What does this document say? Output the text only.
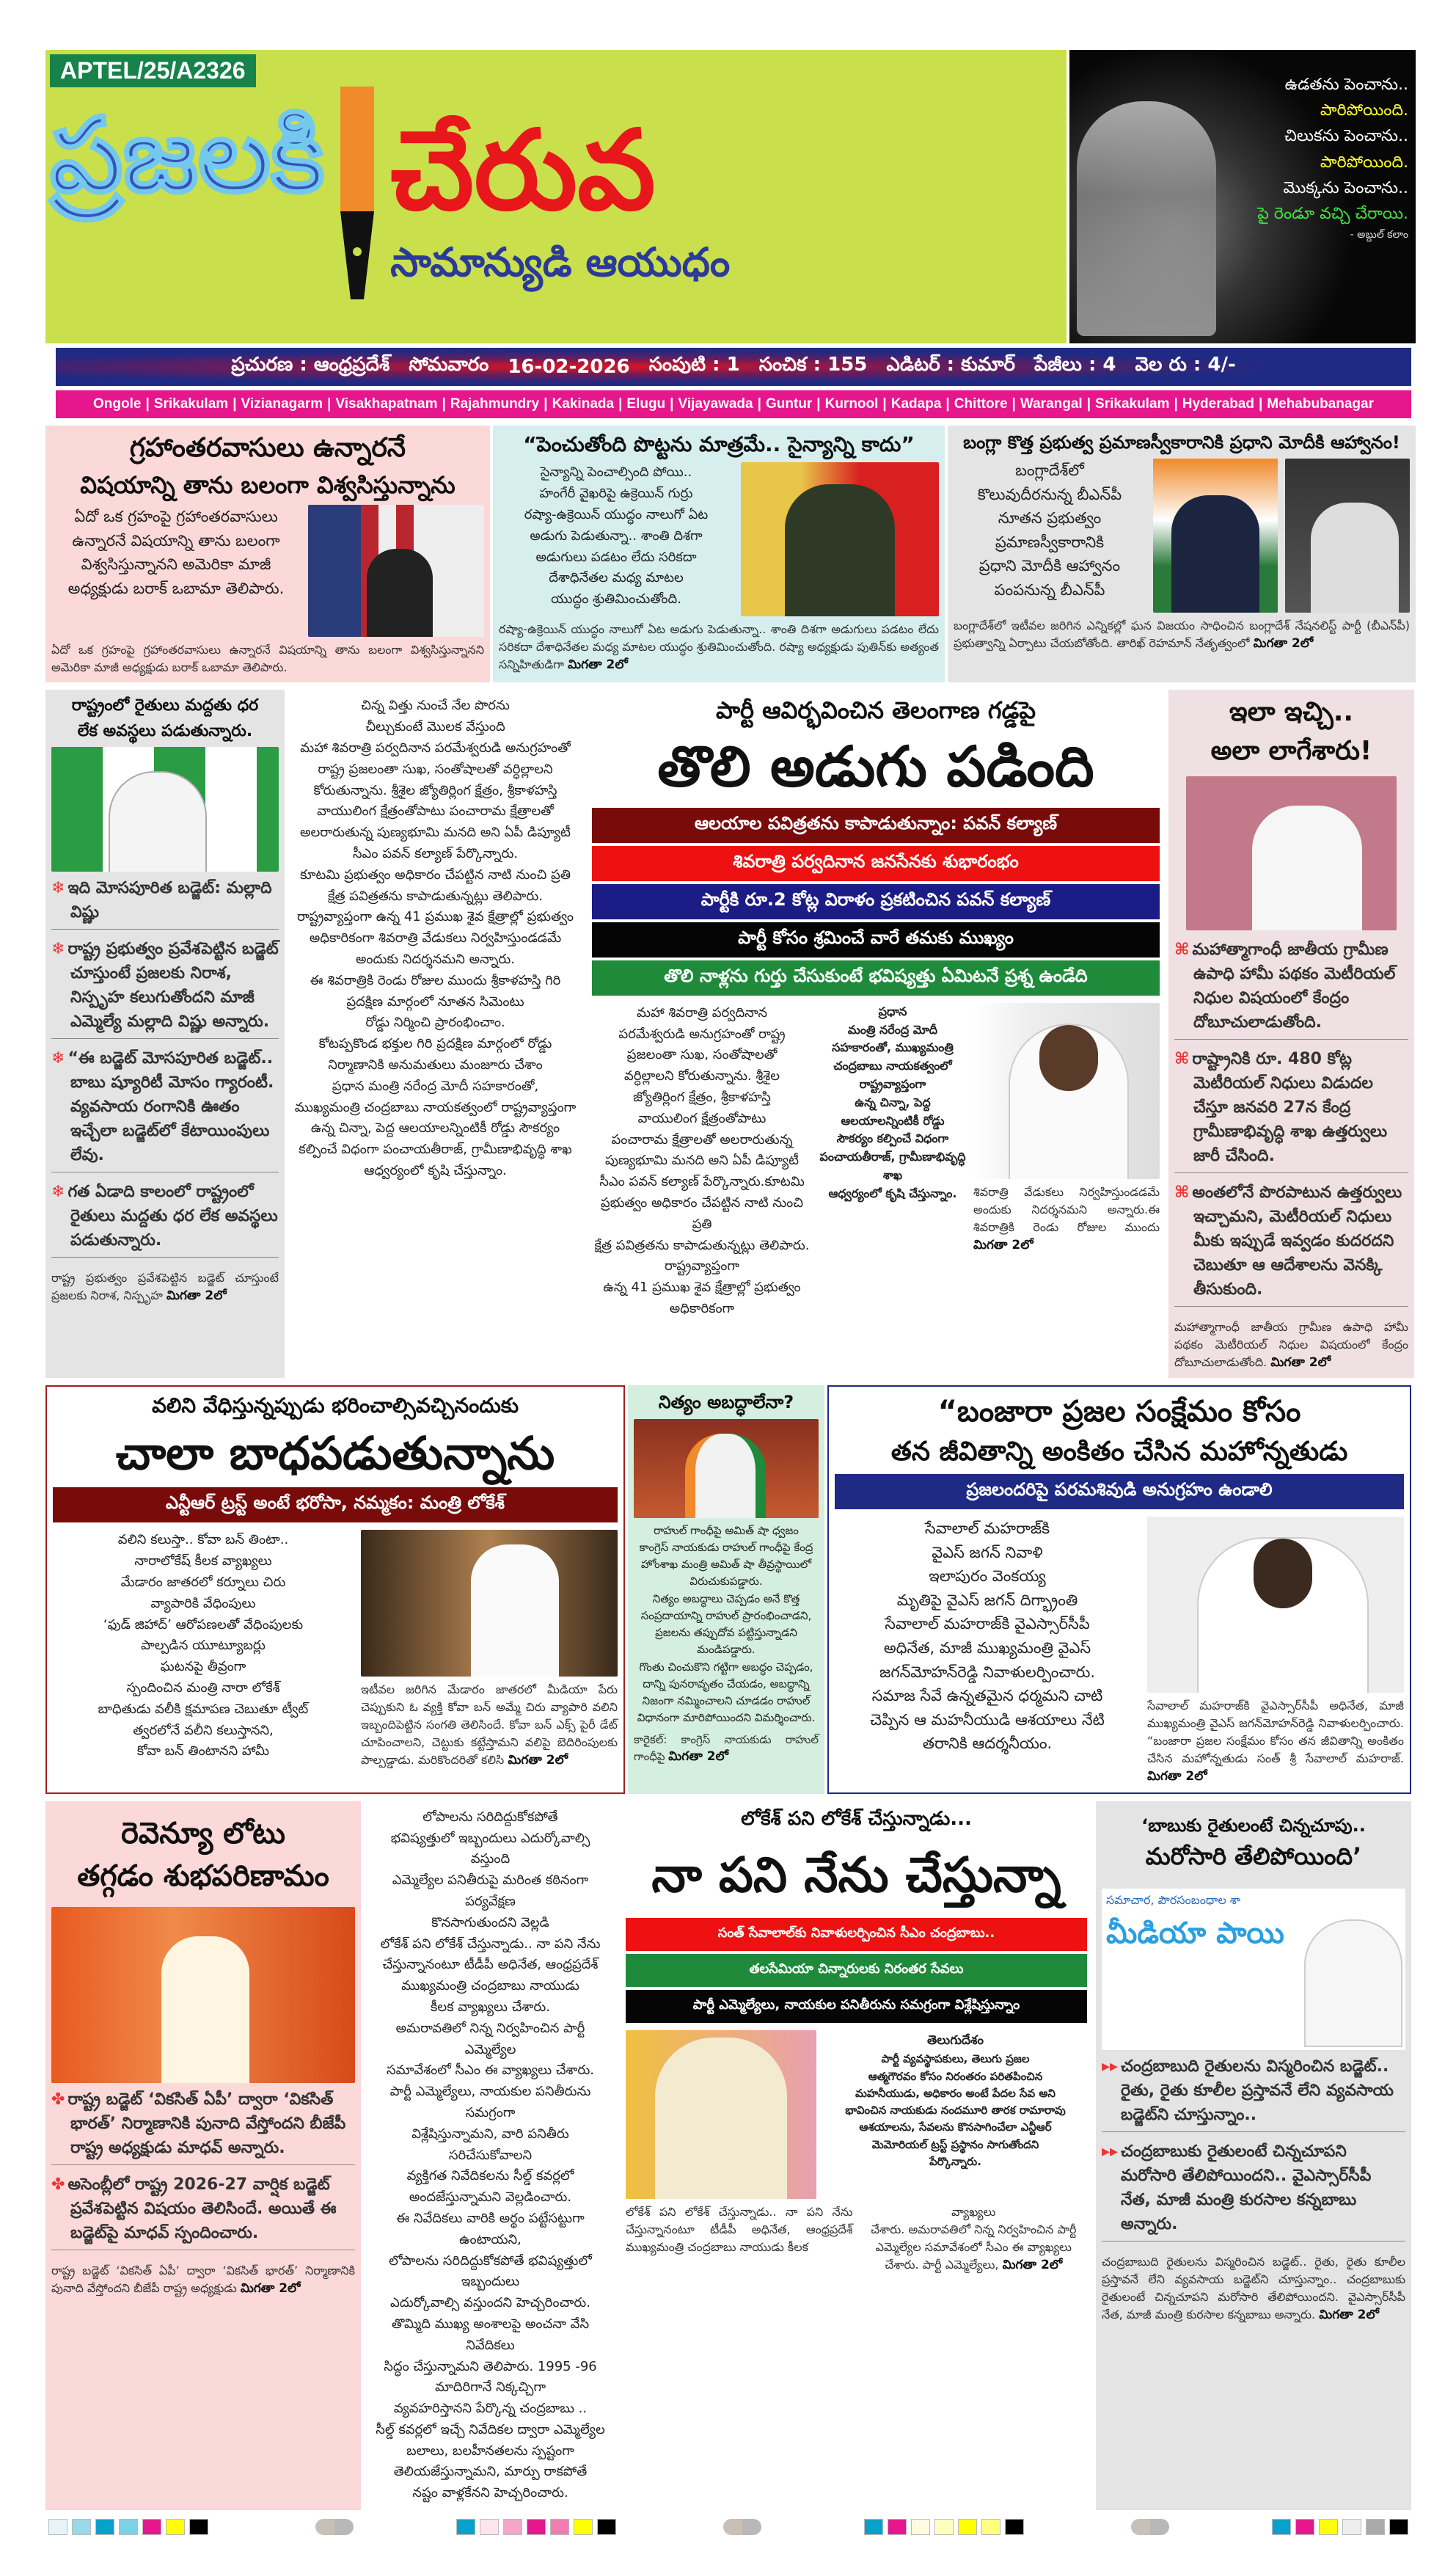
APTEL/25/A2326
ప్రజలకి చేరువ
సామాన్యుడి ఆయుధం
ఉడతను పెంచాను..
పారిపోయింది.
చిలుకను పెంచాను..
పారిపోయింది.
మొక్కను పెంచాను..
పై రెండూ వచ్చి చేరాయి.
- అబ్దుల్ కలాం
ప్రచురణ : ఆంధ్రప్రదేశ్ సోమవారం 16-02-2026 సంపుటి : 1 సంచిక : 155 ఎడిటర్ : కుమార్ పేజీలు : 4 వెల రు : 4/-
Ongole | Srikakulam | Vizianagarm | Visakhapatnam | Rajahmundry | Kakinada | Elugu | Vijayawada | Guntur | Kurnool | Kadapa | Chittore | Warangal | Srikakulam | Hyderabad | Mehabubanagar
గ్రహాంతరవాసులు ఉన్నారనే
విషయాన్ని తాను బలంగా విశ్వసిస్తున్నాను

ఏదో ఒక గ్రహంపై గ్రహాంతరవాసులు

ఉన్నారనే విషయాన్ని తాను బలంగా

విశ్వసిస్తున్నానని అమెరికా మాజీ

అధ్యక్షుడు బరాక్ ఒబామా తెలిపారు.

ఏదో ఒక గ్రహంపై గ్రహాంతరవాసులు ఉన్నారనే విషయాన్ని తాను బలంగా విశ్వసిస్తున్నానని అమెరికా మాజీ అధ్యక్షుడు బరాక్ ఒబామా తెలిపారు.

“పెంచుతోంది పొట్టను మాత్రమే.. సైన్యాన్ని కాదు”

సైన్యాన్ని పెంచాల్సింది పోయి..

హంగేరీ వైఖరిపై ఉక్రెయిన్ గుర్రు

రష్యా-ఉక్రెయిన్ యుద్ధం నాలుగో ఏట

అడుగు పెడుతున్నా.. శాంతి దిశగా

అడుగులు పడటం లేదు సరికదా

దేశాధినేతల మధ్య మాటల

యుద్ధం శ్రుతిమించుతోంది.

రష్యా-ఉక్రెయిన్ యుద్ధం నాలుగో ఏట అడుగు పెడుతున్నా.. శాంతి దిశగా అడుగులు పడటం లేదు సరికదా దేశాధినేతల మధ్య మాటల యుద్ధం శ్రుతిమించుతోంది. రష్యా అధ్యక్షుడు పుతిన్‌కు అత్యంత సన్నిహితుడిగా మిగతా 2లో

బంగ్లా కొత్త ప్రభుత్వ ప్రమాణస్వీకారానికి ప్రధాని మోదీకి ఆహ్వానం!

బంగ్లాదేశ్‌లో

కొలువుదీరనున్న బీఎన్‌పీ

నూతన ప్రభుత్వం

ప్రమాణస్వీకారానికి

ప్రధాని మోదీకి ఆహ్వానం

పంపనున్న బీఎన్‌పీ

బంగ్లాదేశ్‌లో ఇటీవల జరిగిన ఎన్నికల్లో ఘన విజయం సాధించిన బంగ్లాదేశ్ నేషనలిస్ట్ పార్టీ (బీఎన్‌పీ) ప్రభుత్వాన్ని ఏర్పాటు చేయబోతోంది. తారిఖ్ రెహమాన్ నేతృత్వంలో మిగతా 2లో

రాష్ట్రంలో రైతులు మద్దతు ధర
లేక అవస్థలు పడుతున్నారు.

❄ ఇది మోసపూరిత బడ్జెట్: మల్లాది విష్ణు

❄ రాష్ట్ర ప్రభుత్వం ప్రవేశపెట్టిన బడ్జెట్ చూస్తుంటే ప్రజలకు నిరాశ, నిస్పృహ కలుగుతోందని మాజీ ఎమ్మెల్యే మల్లాది విష్ణు అన్నారు.

❄ “ఈ బడ్జెట్ మోసపూరిత బడ్జెట్.. బాబు ష్యూరిటీ మోసం గ్యారంటీ. వ్యవసాయ రంగానికి ఊతం ఇచ్చేలా బడ్జెట్‌లో కేటాయింపులు లేవు.

❄ గత ఏడాది కాలంలో రాష్ట్రంలో రైతులు మద్దతు ధర లేక అవస్థలు పడుతున్నారు.

రాష్ట్ర ప్రభుత్వం ప్రవేశపెట్టిన బడ్జెట్ చూస్తుంటే ప్రజలకు నిరాశ, నిస్పృహ మిగతా 2లో

చిన్న విత్తు నుంచే నేల పొరను

చీల్చుకుంటే మొలక వేస్తుంది

మహా శివరాత్రి పర్వదినాన పరమేశ్వరుడి అనుగ్రహంతో

రాష్ట్ర ప్రజలంతా సుఖ, సంతోషాలతో వర్ధిల్లాలని

కోరుతున్నాను. శ్రీశైల జ్యోతిర్లింగ క్షేత్రం, శ్రీకాళహస్తి

వాయులింగ క్షేత్రంతోపాటు పంచారామ క్షేత్రాలతో

అలరారుతున్న పుణ్యభూమి మనది అని ఏపీ డిప్యూటీ

సీఎం పవన్ కల్యాణ్ పేర్కొన్నారు.

కూటమి ప్రభుత్వం అధికారం చేపట్టిన నాటి నుంచి ప్రతి

క్షేత్ర పవిత్రతను కాపాడుతున్నట్లు తెలిపారు.

రాష్ట్రవ్యాప్తంగా ఉన్న 41 ప్రముఖ శైవ క్షేత్రాల్లో ప్రభుత్వం

అధికారికంగా శివరాత్రి వేడుకలు నిర్వహిస్తుండడమే

అందుకు నిదర్శనమని అన్నారు.

ఈ శివరాత్రికి రెండు రోజుల ముందు శ్రీకాళహస్తి గిరి

ప్రదక్షిణ మార్గంలో నూతన సిమెంటు

రోడ్డు నిర్మించి ప్రారంభించాం.

కోటప్పకొండ భక్తుల గిరి ప్రదక్షిణ మార్గంలో రోడ్డు

నిర్మాణానికి అనుమతులు మంజూరు చేశాం

ప్రధాన మంత్రి నరేంద్ర మోదీ సహకారంతో,

ముఖ్యమంత్రి చంద్రబాబు నాయకత్వంలో రాష్ట్రవ్యాప్తంగా

ఉన్న చిన్నా, పెద్ద ఆలయాలన్నింటికీ రోడ్డు సౌకర్యం

కల్పించే విధంగా పంచాయతీరాజ్, గ్రామీణాభివృద్ధి శాఖ

ఆధ్వర్యంలో కృషి చేస్తున్నాం.

పార్టీ ఆవిర్భవించిన తెలంగాణ గడ్డపై
తొలి అడుగు పడింది
ఆలయాల పవిత్రతను కాపాడుతున్నాం: పవన్ కల్యాణ్
శివరాత్రి పర్వదినాన జనసేనకు శుభారంభం
పార్టీకి రూ.2 కోట్ల విరాళం ప్రకటించిన పవన్ కల్యాణ్
పార్టీ కోసం శ్రమించే వారే తమకు ముఖ్యం
తొలి నాళ్లను గుర్తు చేసుకుంటే భవిష్యత్తు ఏమిటనే ప్రశ్న ఉండేది

మహా శివరాత్రి పర్వదినాన

పరమేశ్వరుడి అనుగ్రహంతో రాష్ట్ర

ప్రజలంతా సుఖ, సంతోషాలతో

వర్ధిల్లాలని కోరుతున్నాను. శ్రీశైల

జ్యోతిర్లింగ క్షేత్రం, శ్రీకాళహస్తి

వాయులింగ క్షేత్రంతోపాటు

పంచారామ క్షేత్రాలతో అలరారుతున్న

పుణ్యభూమి మనది అని ఏపీ డిప్యూటీ

సీఎం పవన్ కల్యాణ్ పేర్కొన్నారు.కూటమి

ప్రభుత్వం అధికారం చేపట్టిన నాటి నుంచి ప్రతి

క్షేత్ర పవిత్రతను కాపాడుతున్నట్లు తెలిపారు. రాష్ట్రవ్యాప్తంగా

ఉన్న 41 ప్రముఖ శైవ క్షేత్రాల్లో ప్రభుత్వం అధికారికంగా

ప్రధాన

మంత్రి నరేంద్ర మోదీ

సహకారంతో, ముఖ్యమంత్రి

చంద్రబాబు నాయకత్వంలో రాష్ట్రవ్యాప్తంగా

ఉన్న చిన్నా, పెద్ద ఆలయాలన్నింటికీ రోడ్డు

సౌకర్యం కల్పించే విధంగా

పంచాయతీరాజ్, గ్రామీణాభివృద్ధి శాఖ

ఆధ్వర్యంలో కృషి చేస్తున్నాం.	శివరాత్రి వేడుకలు నిర్వహిస్తుండడమే అందుకు నిదర్శనమని అన్నారు.ఈ శివరాత్రికి రెండు రోజుల ముందు మిగతా 2లో

ఇలా ఇచ్చి..
అలా లాగేశారు!

⌘ మహాత్మాగాంధీ జాతీయ గ్రామీణ ఉపాధి హామీ పథకం మెటీరియల్ నిధుల విషయంలో కేంద్రం దోబూచులాడుతోంది.

⌘ రాష్ట్రానికి రూ. 480 కోట్ల మెటీరియల్ నిధులు విడుదల చేస్తూ జనవరి 27న కేంద్ర గ్రామీణాభివృద్ధి శాఖ ఉత్తర్వులు జారీ చేసింది.

⌘ అంతలోనే పొరపాటున ఉత్తర్వులు ఇచ్చామని, మెటీరియల్ నిధులు మీకు ఇప్పుడే ఇవ్వడం కుదరదని చెబుతూ ఆ ఆదేశాలను వెనక్కి తీసుకుంది.

మహాత్మాగాంధీ జాతీయ గ్రామీణ ఉపాధి హామీ పథకం మెటీరియల్ నిధుల విషయంలో కేంద్రం దోబూచులాడుతోంది. మిగతా 2లో

వలిని వేధిస్తున్నప్పుడు భరించాల్సివచ్చినందుకు
చాలా బాధపడుతున్నాను
ఎన్టీఆర్ ట్రస్ట్ అంటే భరోసా, నమ్మకం: మంత్రి లోకేశ్

వలిని కలుస్తా.. కోవా బన్ తింటా..

నారాలోకేష్ కీలక వ్యాఖ్యలు

మేడారం జాతరలో కర్నూలు చిరు

వ్యాపారికి వేధింపులు

‘ఫుడ్ జిహాద్’ ఆరోపణలతో వేధింపులకు

పాల్పడిన యూట్యూబర్లు

ఘటనపై తీవ్రంగా

స్పందించిన మంత్రి నారా లోకేశ్

బాధితుడు వలీకి క్షమాపణ చెబుతూ ట్వీట్

త్వరలోనే వలీని కలుస్తానని,

కోవా బన్ తింటానని హామీ

ఇటీవల జరిగిన మేడారం జాతరలో మీడియా పేరు చెప్పుకుని ఓ వ్యక్తి కోవా బన్ అమ్మే చిరు వ్యాపారి వలిని ఇబ్బందిపెట్టిన సంగతి తెలిసిందే. కోవా బన్ ఎక్స్ పైరీ డేట్ చూపించాలని, చెట్టుకు కట్టేస్తామని వలిపై బెదిరింపులకు పాల్పడ్డాడు. మరికొందరితో కలిసి మిగతా 2లో

నిత్యం అబద్ధాలేనా?

రాహుల్ గాంధీపై అమిత్ షా ధ్వజం

కాంగ్రెస్ నాయకుడు రాహుల్ గాంధీపై కేంద్ర

హోంశాఖ మంత్రి అమిత్ షా తీవ్రస్థాయిలో

విరుచుకుపడ్డారు.

నిత్యం అబద్ధాలు చెప్పడం అనే కొత్త

సంప్రదాయాన్ని రాహుల్ ప్రారంభించాడని,

ప్రజలను తప్పుదోవ పట్టిస్తున్నాడని

మండిపడ్డారు.

గొంతు చించుకొని గట్టిగా అబద్ధం చెప్పడం,

దాన్ని పునరావృతం చేయడం, అబద్ధాన్ని

నిజంగా నమ్మించాలని చూడడం రాహుల్

విధానంగా మారిపోయిందని విమర్శించారు.

కారైకల్: కాంగ్రెస్ నాయకుడు రాహుల్ గాంధీపై మిగతా 2లో

“బంజారా ప్రజల సంక్షేమం కోసం
తన జీవితాన్ని అంకితం చేసిన మహోన్నతుడు
ప్రజలందరిపై పరమశివుడి అనుగ్రహం ఉండాలి

సేవాలాల్ మహరాజ్‌కి

వైఎస్ జగన్ నివాళి

ఇలాపురం వెంకయ్య

మృతిపై వైఎస్ జగన్ దిగ్భ్రాంతి

సేవాలాల్ మహరాజ్‌కి వైఎస్సార్‌సీపీ

అధినేత, మాజీ ముఖ్యమంత్రి వైఎస్

జగన్‌మోహన్‌రెడ్డి నివాళులర్పించారు.

సమాజ సేవే ఉన్నతమైన ధర్మమని చాటి

చెప్పిన ఆ మహనీయుడి ఆశయాలు నేటి

తరానికి ఆదర్శనీయం.

సేవాలాల్ మహరాజ్‌కి వైఎస్సార్‌సీపీ అధినేత, మాజీ ముఖ్యమంత్రి వైఎస్ జగన్‌మోహన్‌రెడ్డి నివాళులర్పించారు. “బంజారా ప్రజల సంక్షేమం కోసం తన జీవితాన్ని అంకితం చేసిన మహోన్నతుడు సంత్ శ్రీ సేవాలాల్ మహరాజ్. మిగతా 2లో

రెవెన్యూ లోటు
తగ్గడం శుభపరిణామం

✤ రాష్ట్ర బడ్జెట్ ‘వికసిత్ ఏపీ’ ద్వారా ‘వికసిత్ భారత్’ నిర్మాణానికి పునాది వేస్తోందని బీజేపీ రాష్ట్ర అధ్యక్షుడు మాధవ్ అన్నారు.

✤ అసెంబ్లీలో రాష్ట్ర 2026-27 వార్షిక బడ్జెట్ ప్రవేశపెట్టిన విషయం తెలిసిందే. అయితే ఈ బడ్జెట్‌పై మాధవ్ స్పందించారు.

రాష్ట్ర బడ్జెట్ ‘వికసిత్ ఏపీ’ ద్వారా ‘వికసిత్ భారత్’ నిర్మాణానికి పునాది వేస్తోందని బీజేపీ రాష్ట్ర అధ్యక్షుడు మిగతా 2లో

లోపాలను సరిదిద్దుకోకపోతే

భవిష్యత్తులో ఇబ్బందులు ఎదుర్కోవాల్సి వస్తుంది

ఎమ్మెల్యేల పనితీరుపై మరింత కఠినంగా పర్యవేక్షణ

కొనసాగుతుందని వెల్లడి

లోకేశ్ పని లోకేశ్ చేస్తున్నాడు.. నా పని నేను

చేస్తున్నానంటూ టీడీపీ అధినేత, ఆంధ్రప్రదేశ్

ముఖ్యమంత్రి చంద్రబాబు నాయుడు

కీలక వ్యాఖ్యలు చేశారు.

అమరావతిలో నిన్న నిర్వహించిన పార్టీ ఎమ్మెల్యేల

సమావేశంలో సీఎం ఈ వ్యాఖ్యలు చేశారు.

పార్టీ ఎమ్మెల్యేలు, నాయకుల పనితీరును సమగ్రంగా

విశ్లేషిస్తున్నామని, వారి పనితీరు సరిచేసుకోవాలని

వ్యక్తిగత నివేదికలను సీల్డ్ కవర్లలో

అందజేస్తున్నామని వెల్లడించారు.

ఈ నివేదికలు వారికి అర్థం పట్టేసట్టుగా ఉంటాయని,

లోపాలను సరిదిద్దుకోకపోతే భవిష్యత్తులో ఇబ్బందులు

ఎదుర్కోవాల్సి వస్తుందని హెచ్చరించారు.

తొమ్మిది ముఖ్య అంశాలపై అంచనా వేసి నివేదికలు

సిద్ధం చేస్తున్నామని తెలిపారు. 1995 -96

మాదిరిగానే నిక్కచ్చిగా

వ్యవహరిస్తానని పేర్కొన్న చంద్రబాబు ..

సీల్డ్ కవర్లలో ఇచ్చే నివేదికల ద్వారా ఎమ్మెల్యేల

బలాలు, బలహీనతలను స్పష్టంగా

తెలియజేస్తున్నామని, మార్పు రాకపోతే

నష్టం వాళ్లకేనని హెచ్చరించారు.

లోకేశ్ పని లోకేశ్ చేస్తున్నాడు...
నా పని నేను చేస్తున్నా
సంత్ సేవాలాల్‌కు నివాళులర్పించిన సీఎం చంద్రబాబు..
తలసేమియా చిన్నారులకు నిరంతర సేవలు
పార్టీ ఎమ్మెల్యేలు, నాయకుల పనితీరును సమగ్రంగా విశ్లేషిస్తున్నాం
తెలుగుదేశం

పార్టీ వ్యవస్థాపకులు, తెలుగు ప్రజల

ఆత్మగౌరవం కోసం నిరంతరం పరితపించిన

మహనీయుడు, అధికారం అంటే పేదల సేవ అని

భావించిన నాయకుడు నందమూరి తారక రామారావు

ఆశయాలను, సేవలను కొనసాగించేలా ఎన్టీఆర్

మెమోరియల్ ట్రస్ట్ ప్రస్థానం సాగుతోందని

పేర్కొన్నారు.

లోకేశ్ పని లోకేశ్ చేస్తున్నాడు.. నా పని నేను చేస్తున్నానంటూ టీడీపీ అధినేత, ఆంధ్రప్రదేశ్ ముఖ్యమంత్రి చంద్రబాబు నాయుడు కీలక

వ్యాఖ్యలు
చేశారు. అమరావతిలో నిన్న నిర్వహించిన పార్టీ ఎమ్మెల్యేల సమావేశంలో సీఎం ఈ వ్యాఖ్యలు చేశారు. పార్టీ ఎమ్మెల్యేలు, మిగతా 2లో

‘బాబుకు రైతులంటే చిన్నచూపు..
మరోసారి తేలిపోయింది’
సమాచార, పౌరసంబంధాల శా
మీడియా పాయి

▸▸ చంద్రబాబుది రైతులను విస్మరించిన బడ్జెట్.. రైతు, రైతు కూలీల ప్రస్తావనే లేని వ్యవసాయ బడ్జెట్‌ని చూస్తున్నాం..

▸▸ చంద్రబాబుకు రైతులంటే చిన్నచూపని మరోసారి తేలిపోయిందని.. వైఎస్సార్‌సీపీ నేత, మాజీ మంత్రి కురసాల కన్నబాబు అన్నారు.

చంద్రబాబుది రైతులను విస్మరించిన బడ్జెట్.. రైతు, రైతు కూలీల ప్రస్తావనే లేని వ్యవసాయ బడ్జెట్‌ని చూస్తున్నాం.. చంద్రబాబుకు రైతులంటే చిన్నచూపని మరోసారి తేలిపోయిందని. వైఎస్సార్‌సీపీ నేత, మాజీ మంత్రి కురసాల కన్నబాబు అన్నారు. మిగతా 2లో
